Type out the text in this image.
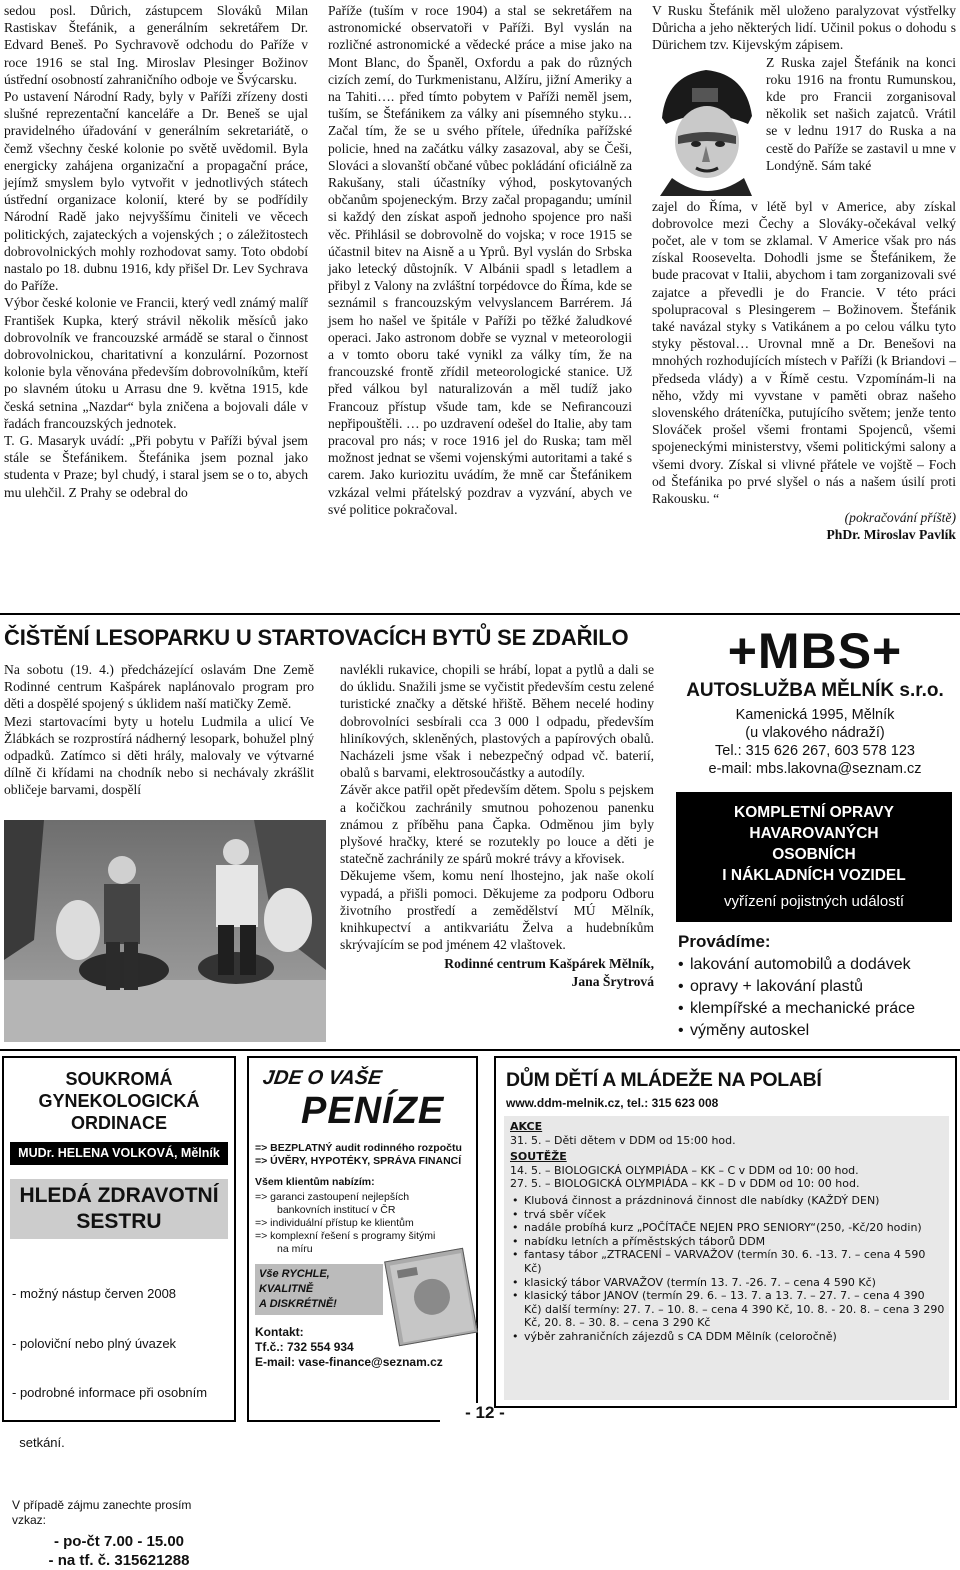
sedou posl. Důrich, zástupcem Slováků Milan Rastiskav Štefánik, a generálním sekretářem Dr. Edvard Beneš. Po Sychravově odchodu do Paříže v roce 1916 se stal Ing. Miroslav Plesinger Božinov ústřední osobností zahraničního odboje ve Švýcarsku.

Po ustavení Národní Rady, byly v Paříži zřízeny dosti slušné reprezentační kanceláře a Dr. Beneš se ujal pravidelného úřadování v generálním sekretariátě, o čemž všechny české kolonie po světě uvědomil. Byla energicky zahájena organizační a propagační práce, jejímž smyslem bylo vytvořit v jednotlivých státech ústřední organizace kolonií, které by se podřídily Národní Radě jako nejvyššímu činiteli ve věcech politických, zajateckých a vojenských ; o záležitostech dobrovolnických mohly rozhodovat samy. Toto období nastalo po 18. dubnu 1916, kdy přišel Dr. Lev Sychrava do Paříže.

Výbor české kolonie ve Francii, který vedl známý malíř František Kupka, který strávil několik měsíců jako dobrovolník ve francouzské armádě se staral o činnost dobrovolnickou, charitativní a konzulární. Pozornost kolonie byla věnována především dobrovolníkům, kteří po slavném útoku u Arrasu dne 9. května 1915, kde česká setnina „Nazdar“ byla zničena a bojovali dále v řadách francouzských jednotek.

T. G. Masaryk uvádí: „Při pobytu v Paříži býval jsem stále se Štefánikem. Štefánika jsem poznal jako studenta v Praze; byl chudý, i staral jsem se o to, abych mu ulehčil. Z Prahy se odebral do

Paříže (tuším v roce 1904) a stal se sekretářem na astronomické observatoři v Paříži. Byl vyslán na rozličné astronomické a vědecké práce a mise jako na Mont Blanc, do Španěl, Oxfordu a pak do různých cizích zemí, do Turkmenistanu, Alžíru, jižní Ameriky a na Tahiti…. před tímto pobytem v Paříži neměl jsem, tuším, se Štefánikem za války ani písemného styku…Začal tím, že se u svého přítele, úředníka pařížské policie, hned na začátku války zasazoval, aby se Češi, Slováci a slovanští občané vůbec pokládání oficiálně za Rakušany, stali účastníky výhod, poskytovaných občanům spojeneckým. Brzy začal propagandu; umínil si každý den získat aspoň jednoho spojence pro naši věc. Přihlásil se dobrovolně do vojska; v roce 1915 se účastnil bitev na Aisně a u Yprů. Byl vyslán do Srbska jako letecký důstojník. V Albánii spadl s letadlem a přibyl z Valony na zvláštní torpédovce do Říma, kde se seznámil s francouzským velvyslancem Barrérem. Já jsem ho našel ve špitále v Paříži po těžké žaludkové operaci. Jako astronom dobře se vyznal v meteorologii a v tomto oboru také vynikl za války tím, že na francouzské frontě zřídil meteorologické stanice. Už před válkou byl naturalizován a měl tudíž jako Francouz přístup všude tam, kde se Neﬁrancouzi nepřipouštěli. … po uzdravení odešel do Italie, aby tam pracoval pro nás; v roce 1916 jel do Ruska; tam měl možnost jednat se všemi vojenskými autoritami a také s carem. Jako kuriozitu uvádím, že mně car Štefánikem vzkázal velmi přátelský pozdrav a vyzvání, abych ve své politice pokračoval.

V Rusku Štefánik měl uloženo paralyzovat výstřelky Důricha a jeho některých lidí. Učinil pokus o dohodu s Dürichem tzv. Kijevským zápisem.

Z Ruska zajel Štefánik na konci roku 1916 na frontu Rumunskou, kde pro Francii zorganisoval několik set našich zajatců. Vrátil se v lednu 1917 do Ruska a na cestě do Paříže se zastavil u mne v Londýně. Sám také

zajel do Říma, v létě byl v Americe, aby získal dobrovolce mezi Čechy a Slováky-očekával velký počet, ale v tom se zklamal. V Americe však pro nás získal Roosevelta. Dohodli jsme se Štefánikem, že bude pracovat v Italii, abychom i tam zorganizovali své zajatce a převedli je do Francie. V této práci spolupracoval s Plesingerem – Božinovem. Štefánik také navázal styky s Vatikánem a po celou válku tyto styky pěstoval… Urovnal mně a Dr. Benešovi na mnohých rozhodujících místech v Paříži (k Briandovi –předseda vlády) a v Římě cestu. Vzpomínám-li na něho, vždy mi vyvstane v paměti obraz našeho slovenského dráteníčka, putujícího světem; jenže tento Slováček prošel všemi frontami Spojenců, všemi spojeneckými ministerstvy, všemi politickými salony a všemi dvory. Získal si vlivné přátele ve vojště – Foch od Štefánika po prvé slyšel o nás a našem úsilí proti Rakousku. “

(pokračování příště)

PhDr. Miroslav Pavlík

ČIŠTĚNÍ LESOPARKU U STARTOVACÍCH BYTŮ SE ZDAŘILO

Na sobotu (19. 4.) předcházející oslavám Dne Země Rodinné centrum Kašpárek naplánovalo program pro děti a dospělé spojený s úklidem naší matičky Země.

Mezi startovacími byty u hotelu Ludmila a ulicí Ve Žlábkách se rozprostírá nádherný lesopark, bohužel plný odpadků. Zatímco si děti hrály, malovaly ve výtvarné dílně či křídami na chodník nebo si nechávaly zkrášlit obličeje barvami, dospělí

navlékli rukavice, chopili se hrábí, lopat a pytlů a dali se do úklidu. Snažili jsme se vyčistit především cestu zelené turistické značky a dětské hřiště. Během necelé hodiny dobrovolníci sesbírali cca 3 000 l odpadu, především hliníkových, skleněných, plastových a papírových obalů. Nacházeli jsme však i nebezpečný odpad vč. baterií, obalů s barvami, elektrosoučástky a autodíly.

Závěr akce patřil opět především dětem. Spolu s pejskem a kočičkou zachránily smutnou pohozenou panenku známou z příběhu pana Čapka. Odměnou jim byly plyšové hračky, které se rozutekly po louce a děti je statečně zachránily ze spárů mokré trávy a křovisek.

Děkujeme všem, komu není lhostejno, jak naše okolí vypadá, a přišli pomoci. Děkujeme za podporu Odboru životního prostředí a zemědělství MÚ Mělník, knihkupectví a antikvariátu Želva a hudebníkům skrývajícím se pod jménem 42 vlaštovek.

Rodinné centrum Kašpárek Mělník,

Jana Šrytrová

+MBS+
AUTOSLUŽBA MĚLNÍK s.r.o.
Kamenická 1995, Mělník
(u vlakového nádraží)
Tel.: 315 626 267, 603 578 123
e-mail: mbs.lakovna@seznam.cz
KOMPLETNÍ OPRAVY
HAVAROVANÝCH
OSOBNÍCH
I NÁKLADNÍCH VOZIDEL
vyřízení pojistných událostí
Provádíme:
• lakování automobilů a dodávek
• opravy + lakování plastů
• klempířské a mechanické práce
• výměny autoskel
SOUKROMÁ
GYNEKOLOGICKÁ
ORDINACE
MUDr. HELENA VOLKOVÁ, Mělník
HLEDÁ ZDRAVOTNÍ
SESTRU

- možný nástup červen 2008

- poloviční nebo plný úvazek

- podrobné informace při osobním

setkání.

V případě zájmu zanechte prosím vzkaz:
- po-čt 7.00 - 15.00
- na tf. č. 315621288
JDE O VAŠE
PENÍZE
=> BEZPLATNÝ audit rodinného rozpočtu
=> ÚVĚRY, HYPOTÉKY, SPRÁVA FINANCÍ
Všem klientům nabízím:
=> garanci zastoupení nejlepších
bankovních institucí v ČR
=> individuální přístup ke klientům
=> komplexní řešení s programy šitými
na míru
Vše RYCHLE, KVALITNĚ
A DISKRÉTNĚ!
Kontakt:
Tf.č.: 732 554 934
E-mail: vase-finance@seznam.cz
- 12 -
DŮM DĚTÍ A MLÁDEŽE NA POLABÍ
www.ddm-melnik.cz, tel.: 315 623 008
AKCE
31. 5. – Děti dětem v DDM od 15:00 hod.
SOUTĚŽE
14. 5. – BIOLOGICKÁ OLYMPIÁDA – KK – C v DDM od 10: 00 hod.
27. 5. – BIOLOGICKÁ OLYMPIÁDA – KK – D v DDM od 10: 00 hod.
• Klubová činnost a prázdninová činnost dle nabídky (KAŽDÝ DEN)
• trvá sběr víček
• nadále probíhá kurz „POČÍTAČE NEJEN PRO SENIORY“(250, -Kč/20 hodin)
• nabídku letních a příměstských táborů DDM
• fantasy tábor „ZTRACENÍ – VARVAŽOV (termín 30. 6. -13. 7. – cena 4 590 Kč)
• klasický tábor VARVAŽOV (termín 13. 7. -26. 7. – cena 4 590 Kč)
• klasický tábor JANOV (termín 29. 6. – 13. 7. a 13. 7. – 27. 7. – cena 4 390 Kč) další termíny: 27. 7. – 10. 8. – cena 4 390 Kč, 10. 8. - 20. 8. – cena 3 290 Kč, 20. 8. – 30. 8. – cena 3 290 Kč
• výběr zahraničních zájezdů s CA DDM Mělník (celoročně)
